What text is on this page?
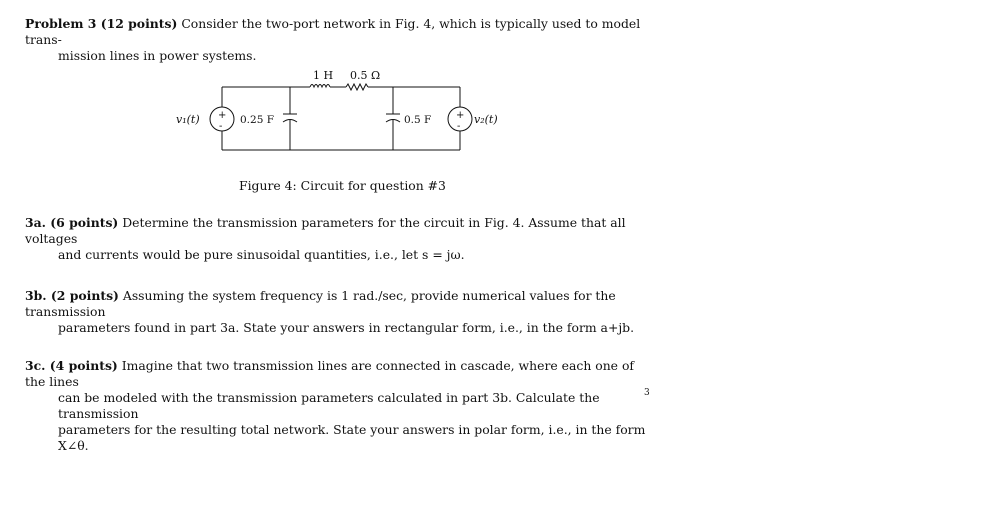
Problem 3 (12 points) Consider the two-port network in Fig. 4, which is typically used to model trans-
mission lines in power systems.
1 H 0.5 Ω
v₁(t)	v₂(t)
0.25 F	0.5 F
+
-
+
-
Figure 4: Circuit for question #3
3a. (6 points) Determine the transmission parameters for the circuit in Fig. 4. Assume that all voltages
and currents would be pure sinusoidal quantities, i.e., let s = jω.
3b. (2 points) Assuming the system frequency is 1 rad./sec, provide numerical values for the transmission
parameters found in part 3a. State your answers in rectangular form, i.e., in the form a+jb.
3c. (4 points) Imagine that two transmission lines are connected in cascade, where each one of the lines
can be modeled with the transmission parameters calculated in part 3b. Calculate the transmission
parameters for the resulting total network. State your answers in polar form, i.e., in the form X∠θ.
3
